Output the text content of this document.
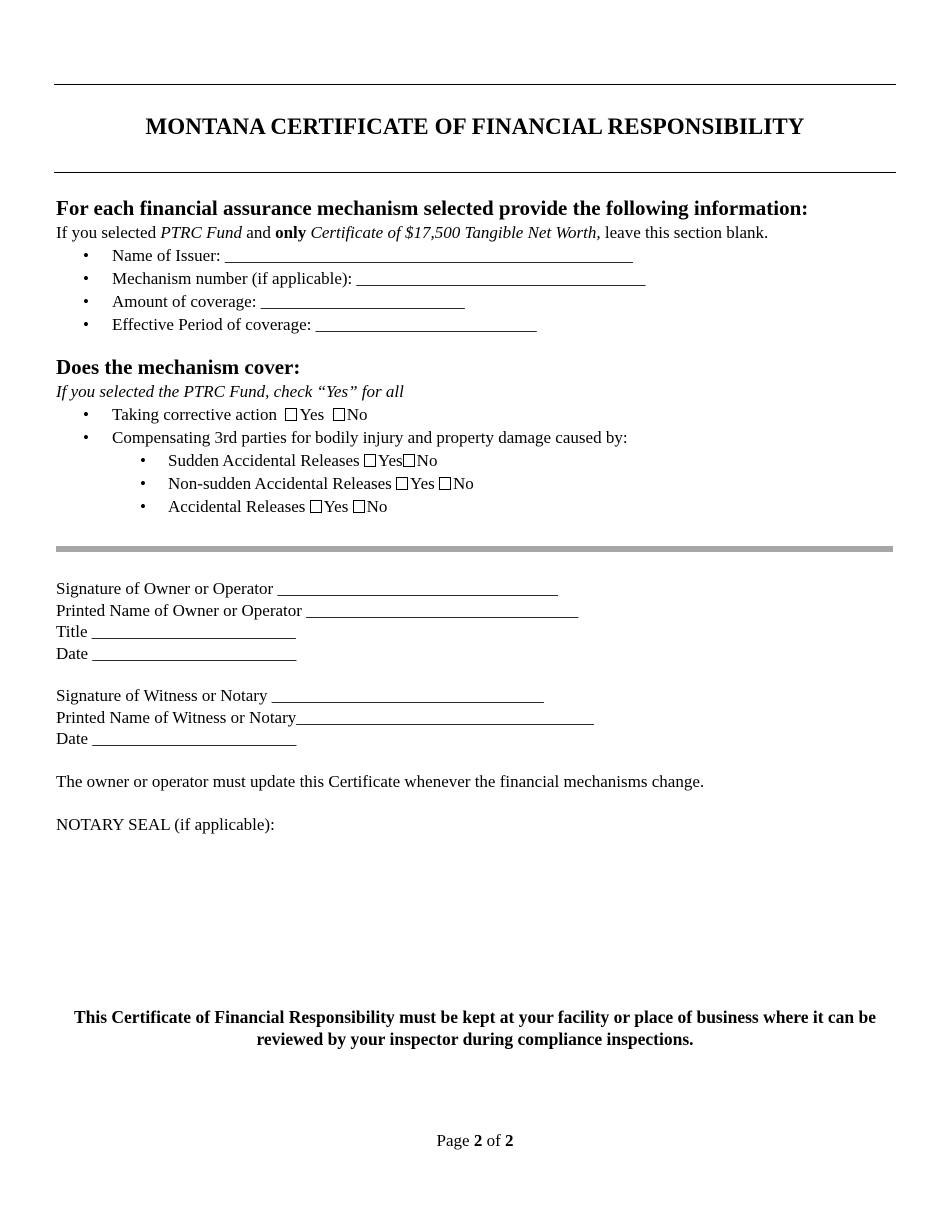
MONTANA CERTIFICATE OF FINANCIAL RESPONSIBILITY
For each financial assurance mechanism selected provide the following information:
If you selected PTRC Fund and only Certificate of $17,500 Tangible Net Worth, leave this section blank.
• Name of Issuer: ________________________________________________
• Mechanism number (if applicable): __________________________________
• Amount of coverage: ________________________
• Effective Period of coverage: __________________________
Does the mechanism cover:
If you selected the PTRC Fund, check “Yes” for all
• Taking corrective action Yes No
• Compensating 3rd parties for bodily injury and property damage caused by:
• Sudden Accidental Releases Yes No
• Non-sudden Accidental Releases Yes No
• Accidental Releases Yes No
Signature of Owner or Operator _________________________________
Printed Name of Owner or Operator ________________________________
Title ________________________
Date ________________________
Signature of Witness or Notary ________________________________
Printed Name of Witness or Notary___________________________________
Date ________________________
The owner or operator must update this Certificate whenever the financial mechanisms change.
NOTARY SEAL (if applicable):
This Certificate of Financial Responsibility must be kept at your facility or place of business where it can be reviewed by your inspector during compliance inspections.
Page 2 of 2
